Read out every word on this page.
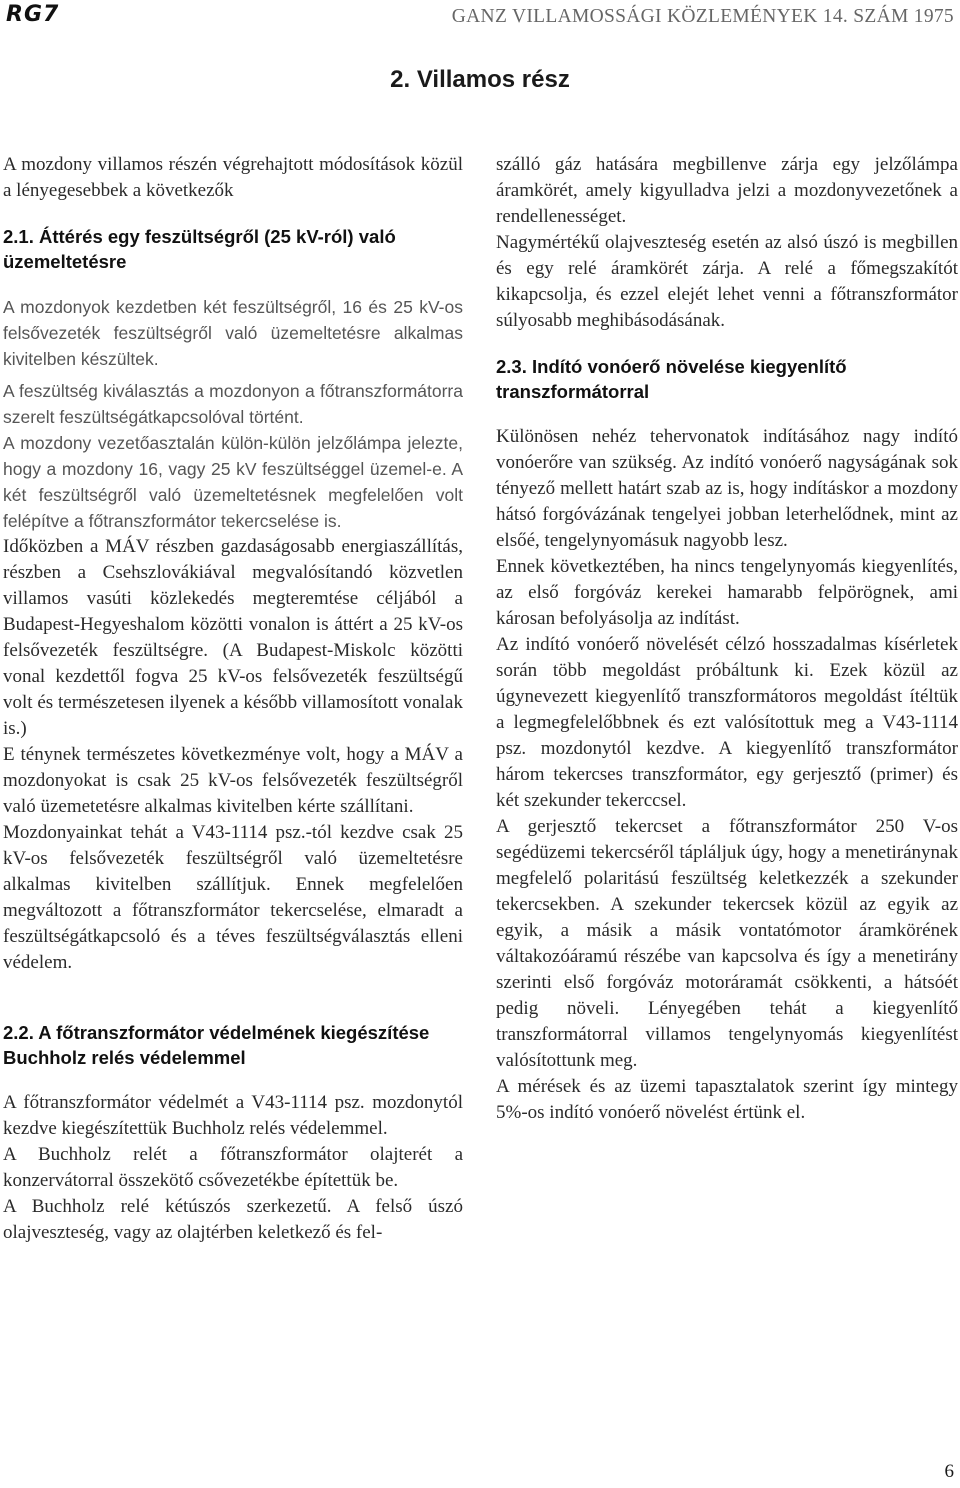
RG7	GANZ VILLAMOSSÁGI KÖZLEMÉNYEK 14. SZÁM 1975
2. Villamos rész

A mozdony villamos részén végrehajtott módosítások közül a lényegesebbek a következők

2.1. Áttérés egy feszültségről (25 kV-ról) való üzemeltetésre

A mozdonyok kezdetben két feszültségről, 16 és 25 kV-os felsővezeték feszültségről való üzemeltetésre alkalmas kivitelben készültek.

A feszültség kiválasztás a mozdonyon a főtranszformátorra szerelt feszültségátkapcsolóval történt.

A mozdony vezetőasztalán külön-külön jelzőlámpa jelezte, hogy a mozdony 16, vagy 25 kV feszültséggel üzemel-e. A két feszültségről való üzemeltetésnek megfelelően volt felépítve a főtranszformátor tekercselése is.

Időközben a MÁV részben gazdaságosabb energiaszállítás, részben a Csehszlovákiával megvalósítandó közvetlen villamos vasúti közlekedés megteremtése céljából a Budapest-Hegyeshalom közötti vonalon is áttért a 25 kV-os felsővezeték feszültségre. (A Budapest-Miskolc közötti vonal kezdettől fogva 25 kV-os felsővezeték feszültségű volt és természetesen ilyenek a később villamosított vonalak is.)

E ténynek természetes következménye volt, hogy a MÁV a mozdonyokat is csak 25 kV-os felsővezeték feszültségről való üzemetetésre alkalmas kivitelben kérte szállítani.

Mozdonyainkat tehát a V43-1114 psz.-tól kezdve csak 25 kV-os felsővezeték feszültségről való üzemeltetésre alkalmas kivitelben szállítjuk. Ennek megfelelően megváltozott a főtranszformátor tekercselése, elmaradt a feszültségátkapcsoló és a téves feszültségválasztás elleni védelem.

2.2. A főtranszformátor védelmének kiegészítése Buchholz relés védelemmel

A főtranszformátor védelmét a V43-1114 psz. mozdonytól kezdve kiegészítettük Buchholz relés védelemmel.

A Buchholz relét a főtranszformátor olajterét a konzervátorral összekötő csővezetékbe építettük be.

A Buchholz relé kétúszós szerkezetű. A felső úszó olajveszteség, vagy az olajtérben keletkező és fel-

szálló gáz hatására megbillenve zárja egy jelzőlámpa áramkörét, amely kigyulladva jelzi a mozdonyvezetőnek a rendellenességet.

Nagymértékű olajveszteség esetén az alsó úszó is megbillen és egy relé áramkörét zárja. A relé a főmegszakítót kikapcsolja, és ezzel elejét lehet venni a főtranszformátor súlyosabb meghibásodásának.

2.3. Indító vonóerő növelése kiegyenlítő transzformátorral

Különösen nehéz tehervonatok indításához nagy indító vonóerőre van szükség. Az indító vonóerő nagyságának sok tényező mellett határt szab az is, hogy indításkor a mozdony hátsó forgóvázának tengelyei jobban leterhelődnek, mint az elsőé, tengelynyomásuk nagyobb lesz.

Ennek következtében, ha nincs tengelynyomás kiegyenlítés, az első forgóváz kerekei hamarabb felpörögnek, ami károsan befolyásolja az indítást.

Az indító vonóerő növelését célzó hosszadalmas kísérletek során több megoldást próbáltunk ki. Ezek közül az úgynevezett kiegyenlítő transzformátoros megoldást ítéltük a legmegfelelőbbnek és ezt valósítottuk meg a V43-1114 psz. mozdonytól kezdve. A kiegyenlítő transzformátor három tekercses transzformátor, egy gerjesztő (primer) és két szekunder tekerccsel.

A gerjesztő tekercset a főtranszformátor 250 V-os segédüzemi tekercséről tápláljuk úgy, hogy a menetiránynak megfelelő polaritású feszültség keletkezzék a szekunder tekercsekben. A szekunder tekercsek közül az egyik az egyik, a másik a másik vontatómotor áramkörének váltakozóáramú részébe van kapcsolva és így a menetirány szerinti első forgóváz motoráramát csökkenti, a hátsóét pedig növeli. Lényegében tehát a kiegyenlítő transzformátorral villamos tengelynyomás kiegyenlítést valósítottunk meg.

A mérések és az üzemi tapasztalatok szerint így mintegy 5%-os indító vonóerő növelést értünk el.

6
